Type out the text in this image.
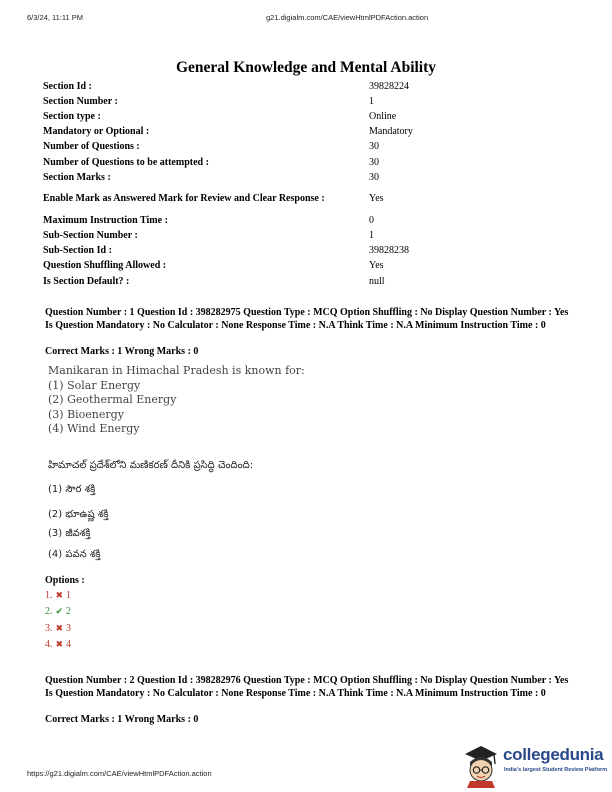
6/3/24, 11:11 PM	g21.digialm.com/CAE/viewHtmlPDFAction.action
General Knowledge and Mental Ability
Section Id :	39828224
Section Number :	1
Section type :	Online
Mandatory or Optional :	Mandatory
Number of Questions :	30
Number of Questions to be attempted :	30
Section Marks :	30
Enable Mark as Answered Mark for Review and Clear Response :	Yes
Maximum Instruction Time :	0
Sub-Section Number :	1
Sub-Section Id :	39828238
Question Shuffling Allowed :	Yes
Is Section Default? :	null
Question Number : 1 Question Id : 398282975 Question Type : MCQ Option Shuffling : No Display Question Number : Yes Is Question Mandatory : No Calculator : None Response Time : N.A Think Time : N.A Minimum Instruction Time : 0
Correct Marks : 1 Wrong Marks : 0
Manikaran in Himachal Pradesh is known for:
(1) Solar Energy
(2) Geothermal Energy
(3) Bioenergy
(4) Wind Energy
హిమాచల్ ప్రదేశ్‌లోని మణికరణ్ దీనికి ప్రసిద్ధి చెందింది:
(1) సౌర శక్తి
(2) భూఉష్ణ శక్తి
(3) జీవశక్తి
(4) పవన శక్తి
Options :
1. ✖ 1
2. ✔ 2
3. ✖ 3
4. ✖ 4
Question Number : 2 Question Id : 398282976 Question Type : MCQ Option Shuffling : No Display Question Number : Yes Is Question Mandatory : No Calculator : None Response Time : N.A Think Time : N.A Minimum Instruction Time : 0
Correct Marks : 1 Wrong Marks : 0
https://g21.digialm.com/CAE/viewHtmlPDFAction.action
collegedunia
India's largest Student Review Platform
